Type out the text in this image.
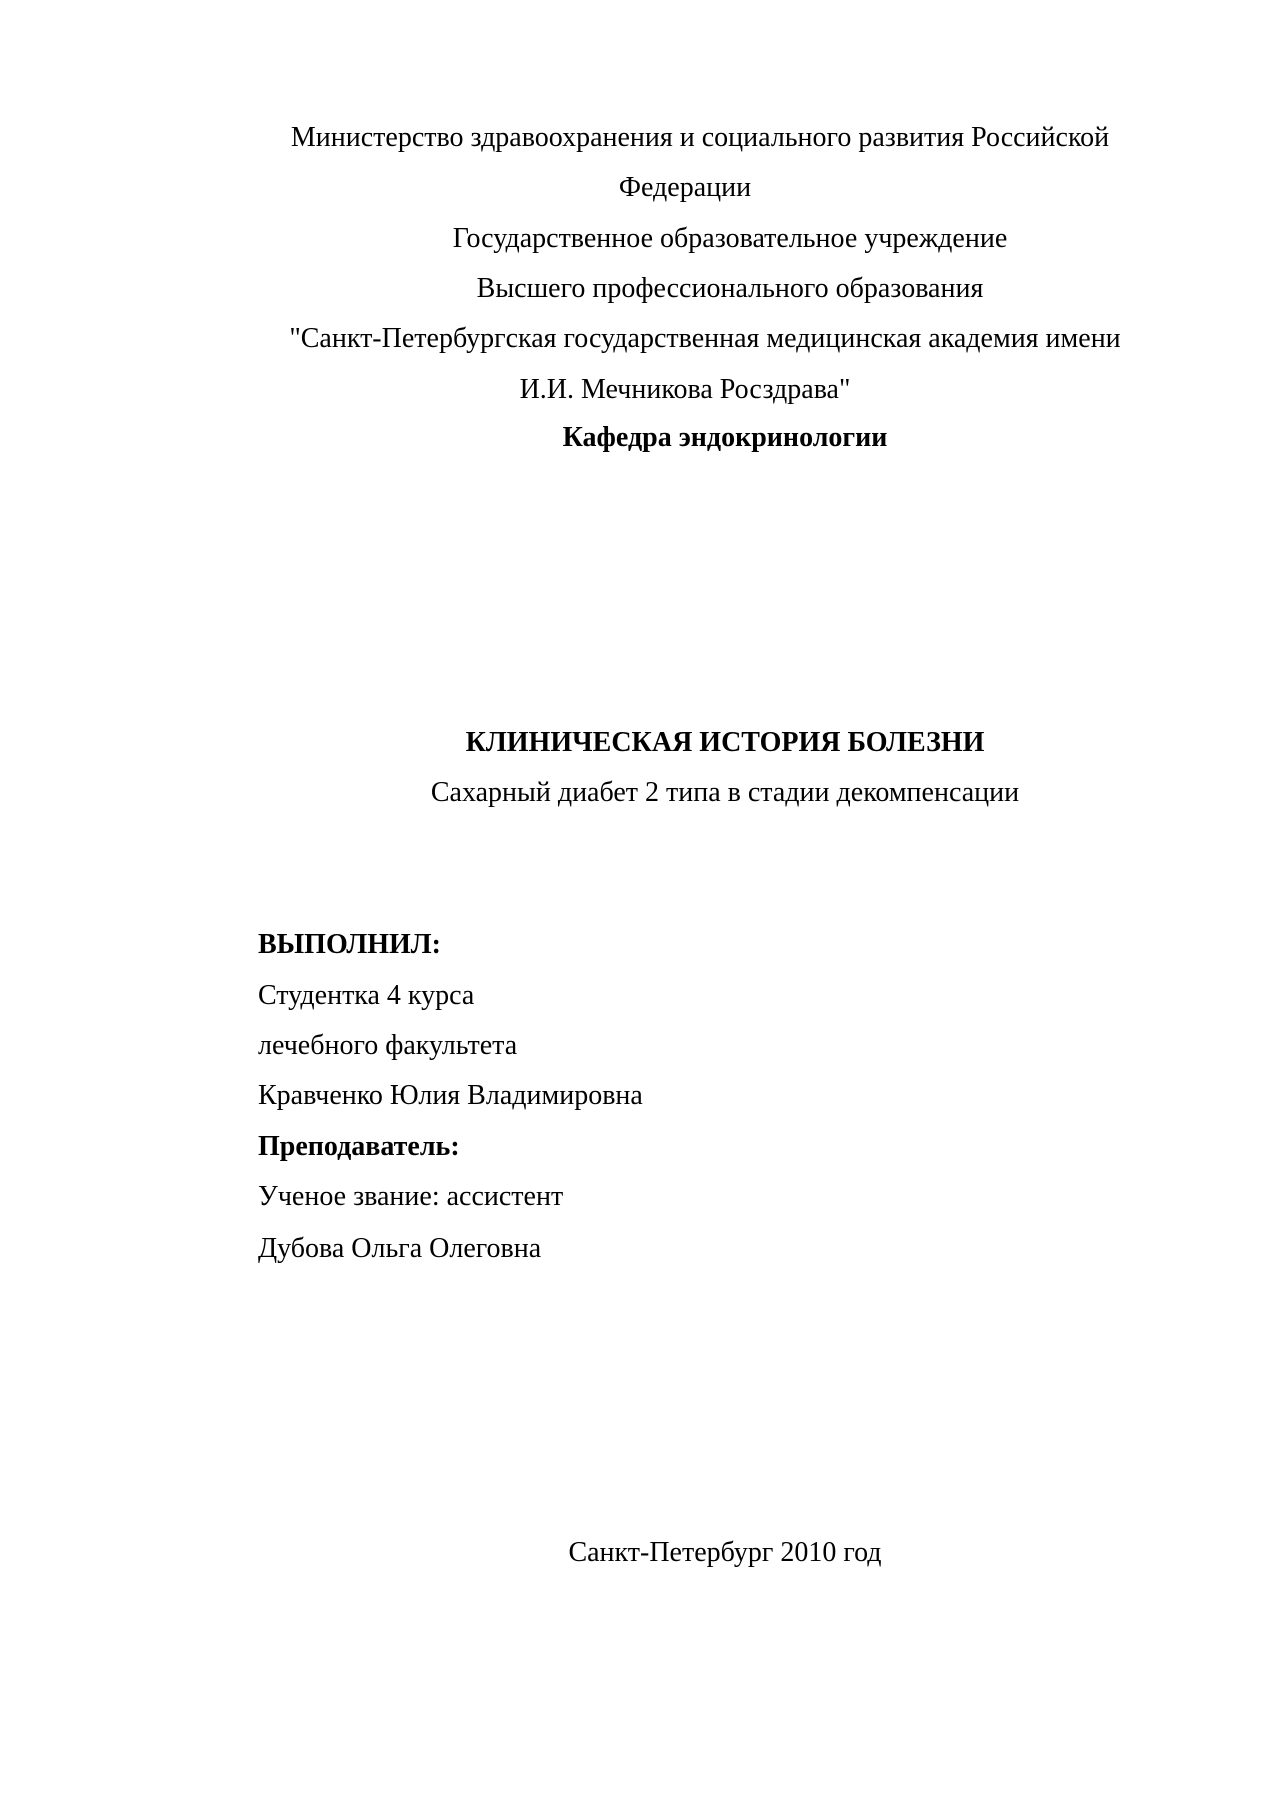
Министерство здравоохранения и социального развития Российской
Федерации
Государственное образовательное учреждение
Высшего профессионального образования
"Санкт-Петербургская государственная медицинская академия имени
И.И. Мечникова Росздрава"
Кафедра эндокринологии
КЛИНИЧЕСКАЯ ИСТОРИЯ БОЛЕЗНИ
Сахарный диабет 2 типа в стадии декомпенсации
ВЫПОЛНИЛ:
Студентка 4 курса
лечебного факультета
Кравченко Юлия Владимировна
Преподаватель:
Ученое звание: ассистент
Дубова Ольга Олеговна
Санкт-Петербург 2010 год
